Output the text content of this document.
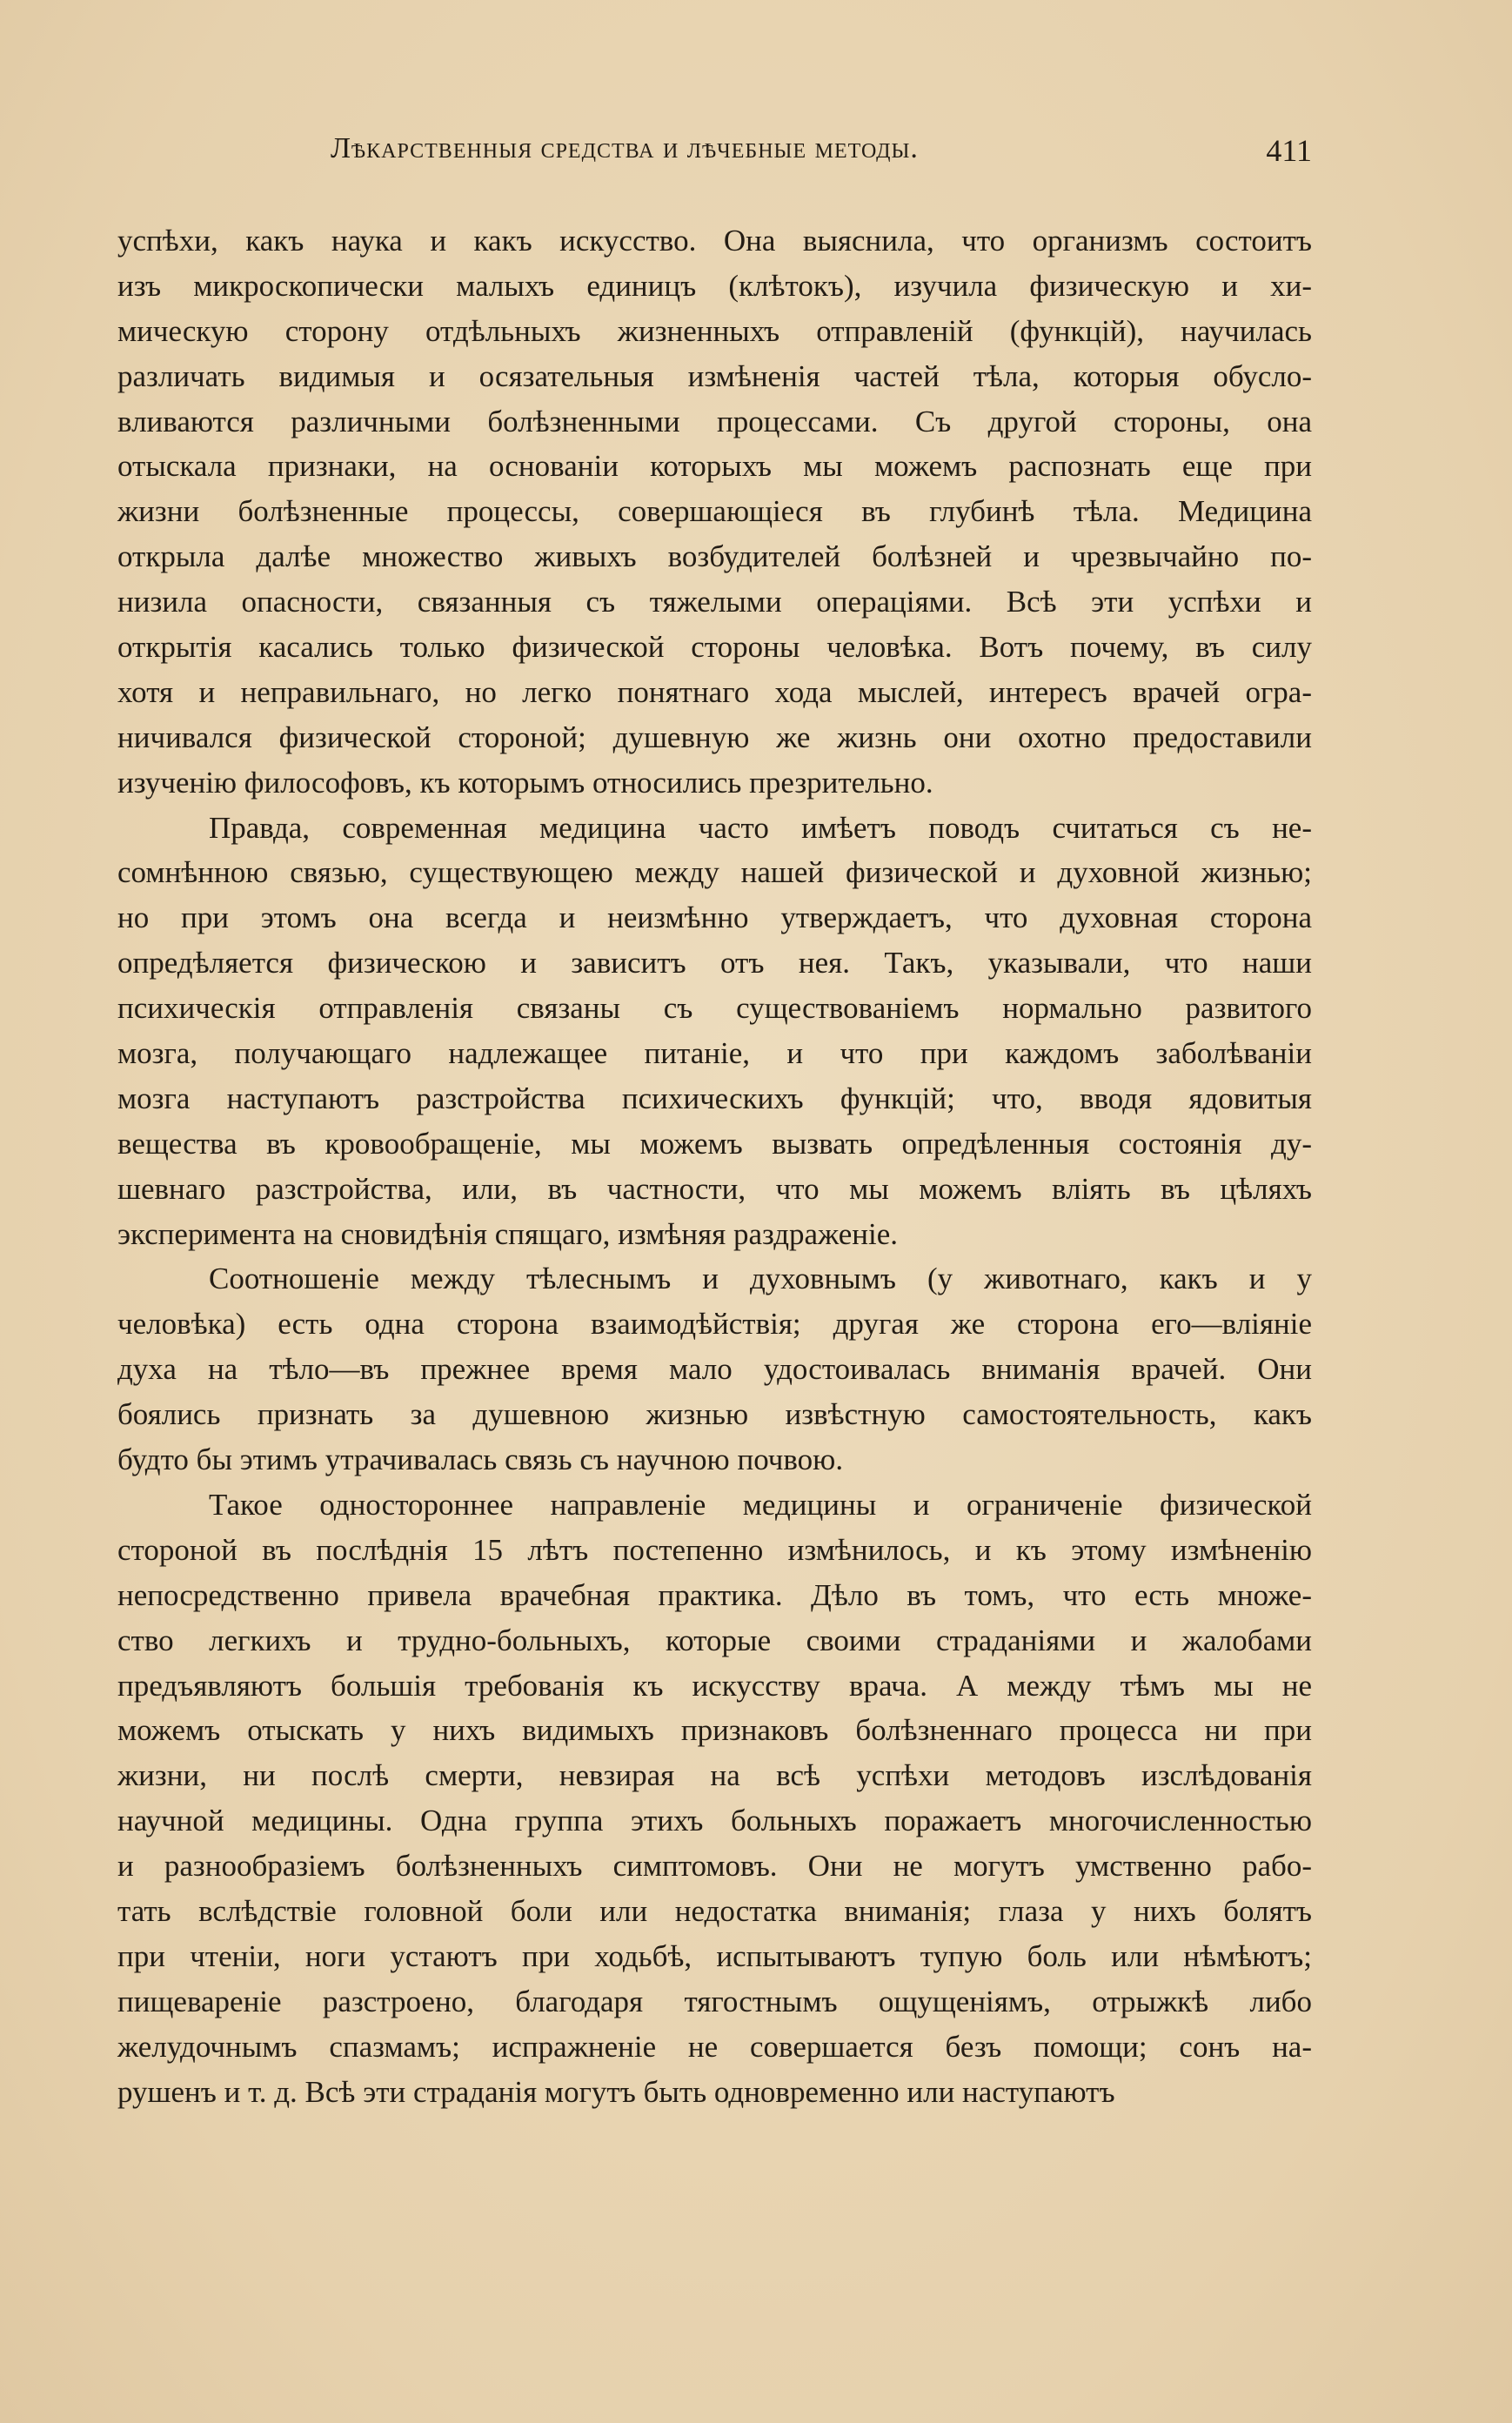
Лѣкарственныя средства и лѣчебные методы.	411
успѣхи, какъ наука и какъ искусство. Она выяснила, что организмъ состоитъ
изъ микроскопически малыхъ единицъ (клѣтокъ), изучила физическую и хи-
мическую сторону отдѣльныхъ жизненныхъ отправленій (функцій), научилась
различать видимыя и осязательныя измѣненія частей тѣла, которыя обусло-
вливаются различными болѣзненными процессами. Съ другой стороны, она
отыскала признаки, на основаніи которыхъ мы можемъ распознать еще при
жизни болѣзненные процессы, совершающіеся въ глубинѣ тѣла. Медицина
открыла далѣе множество живыхъ возбудителей болѣзней и чрезвычайно по-
низила опасности, связанныя съ тяжелыми операціями. Всѣ эти успѣхи и
открытія касались только физической стороны человѣка. Вотъ почему, въ силу
хотя и неправильнаго, но легко понятнаго хода мыслей, интересъ врачей огра-
ничивался физической стороной; душевную же жизнь они охотно предоставили
изученію философовъ, къ которымъ относились презрительно.
Правда, современная медицина часто имѣетъ поводъ считаться съ не-
сомнѣнною связью, существующею между нашей физической и духовной жизнью;
но при этомъ она всегда и неизмѣнно утверждаетъ, что духовная сторона
опредѣляется физическою и зависитъ отъ нея. Такъ, указывали, что наши
психическія отправленія связаны съ существованіемъ нормально развитого
мозга, получающаго надлежащее питаніе, и что при каждомъ заболѣваніи
мозга наступаютъ разстройства психическихъ функцій; что, вводя ядовитыя
вещества въ кровообращеніе, мы можемъ вызвать опредѣленныя состоянія ду-
шевнаго разстройства, или, въ частности, что мы можемъ вліять въ цѣляхъ
эксперимента на сновидѣнія спящаго, измѣняя раздраженіе.
Соотношеніе между тѣлеснымъ и духовнымъ (у животнаго, какъ и у
человѣка) есть одна сторона взаимодѣйствія; другая же сторона его—вліяніе
духа на тѣло—въ прежнее время мало удостоивалась вниманія врачей. Они
боялись признать за душевною жизнью извѣстную самостоятельность, какъ
будто бы этимъ утрачивалась связь съ научною почвою.
Такое одностороннее направленіе медицины и ограниченіе физической
стороной въ послѣднія 15 лѣтъ постепенно измѣнилось, и къ этому измѣненію
непосредственно привела врачебная практика. Дѣло въ томъ, что есть множе-
ство легкихъ и трудно-больныхъ, которые своими страданіями и жалобами
предъявляютъ большія требованія къ искусству врача. А между тѣмъ мы не
можемъ отыскать у нихъ видимыхъ признаковъ болѣзненнаго процесса ни при
жизни, ни послѣ смерти, невзирая на всѣ успѣхи методовъ изслѣдованія
научной медицины. Одна группа этихъ больныхъ поражаетъ многочисленностью
и разнообразіемъ болѣзненныхъ симптомовъ. Они не могутъ умственно рабо-
тать вслѣдствіе головной боли или недостатка вниманія; глаза у нихъ болятъ
при чтеніи, ноги устаютъ при ходьбѣ, испытываютъ тупую боль или нѣмѣютъ;
пищевареніе разстроено, благодаря тягостнымъ ощущеніямъ, отрыжкѣ либо
желудочнымъ спазмамъ; испражненіе не совершается безъ помощи; сонъ на-
рушенъ и т. д. Всѣ эти страданія могутъ быть одновременно или наступаютъ
